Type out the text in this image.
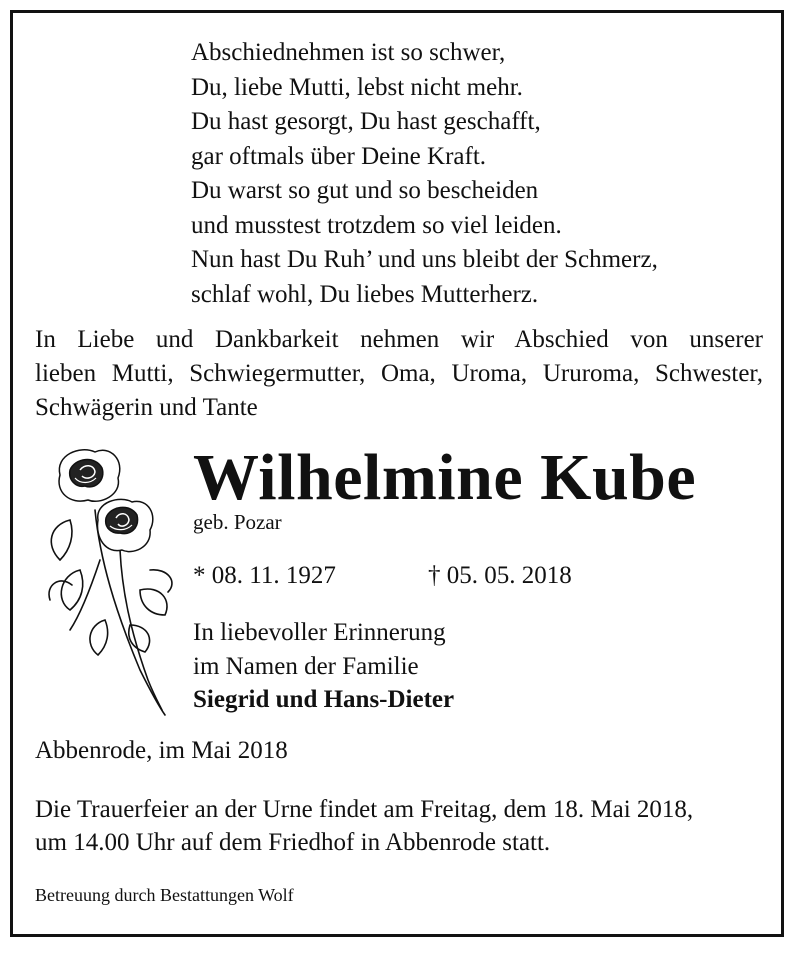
Abschiednehmen ist so schwer,
Du, liebe Mutti, lebst nicht mehr.
Du hast gesorgt, Du hast geschafft,
gar oftmals über Deine Kraft.
Du warst so gut und so bescheiden
und musstest trotzdem so viel leiden.
Nun hast Du Ruh’ und uns bleibt der Schmerz,
schlaf wohl, Du liebes Mutterherz.
In Liebe und Dankbarkeit nehmen wir Abschied von unserer
lieben Mutti, Schwiegermutter, Oma, Uroma, Ururoma, Schwester,
Schwägerin und Tante
Wilhelmine Kube
geb. Pozar
* 08. 11. 1927	† 05. 05. 2018
In liebevoller Erinnerung
im Namen der Familie
Siegrid und Hans-Dieter
Abbenrode, im Mai 2018
Die Trauerfeier an der Urne findet am Freitag, dem 18. Mai 2018,
um 14.00 Uhr auf dem Friedhof in Abbenrode statt.
Betreuung durch Bestattungen Wolf
